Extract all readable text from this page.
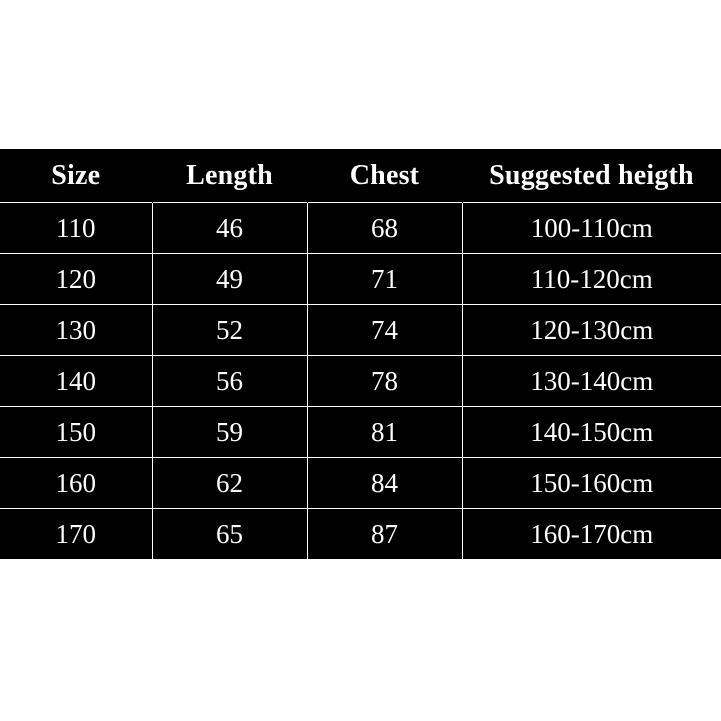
Size	Length	Chest	Suggested heigth
110	46	68	100-110cm
120	49	71	110-120cm
130	52	74	120-130cm
140	56	78	130-140cm
150	59	81	140-150cm
160	62	84	150-160cm
170	65	87	160-170cm
